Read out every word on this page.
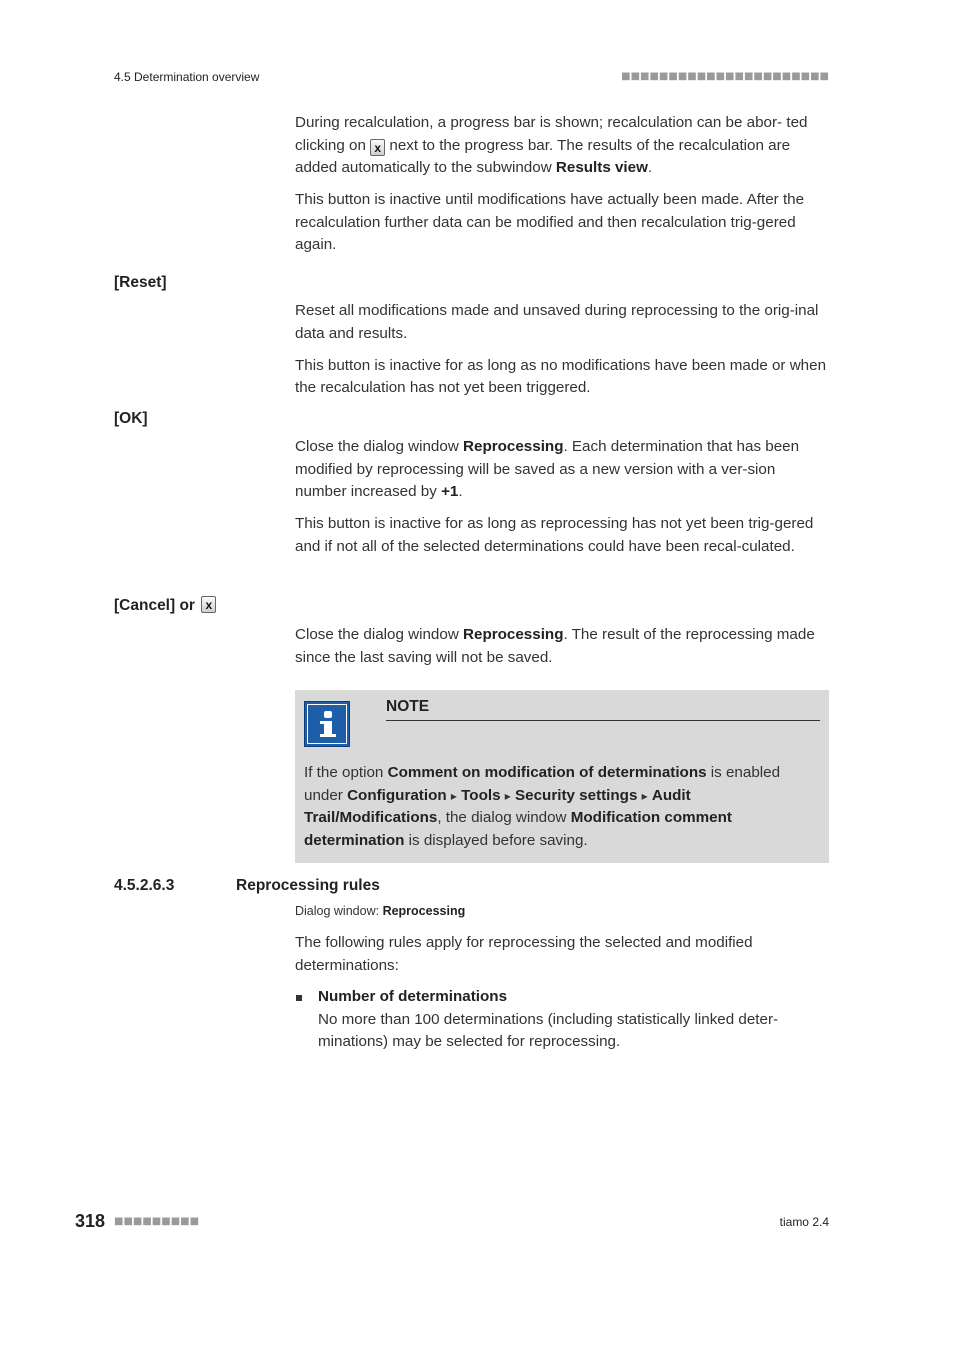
4.5 Determination overview	■■■■■■■■■■■■■■■■■■■■■■

During recalculation, a progress bar is shown; recalculation can be abor- ted clicking on x next to the progress bar. The results of the recalculation are added automatically to the subwindow Results view.

This button is inactive until modifications have actually been made. After the recalculation further data can be modified and then recalculation trig-gered again.

[Reset]

Reset all modifications made and unsaved during reprocessing to the orig-inal data and results.

This button is inactive for as long as no modifications have been made or when the recalculation has not yet been triggered.

[OK]

Close the dialog window Reprocessing. Each determination that has been modified by reprocessing will be saved as a new version with a ver-sion number increased by +1.

This button is inactive for as long as reprocessing has not yet been trig-gered and if not all of the selected determinations could have been recal-culated.

[Cancel] or x

Close the dialog window Reprocessing. The result of the reprocessing made since the last saving will not be saved.

NOTE
If the option Comment on modification of determinations is enabled under Configuration ▸ Tools ▸ Security settings ▸ Audit Trail/Modifications, the dialog window Modification comment determination is displayed before saving.
4.5.2.6.3	Reprocessing rules
Dialog window: Reprocessing
The following rules apply for reprocessing the selected and modified determinations:
Number of determinations
No more than 100 determinations (including statistically linked deter-minations) may be selected for reprocessing.
318 ■■■■■■■■■	tiamo 2.4
